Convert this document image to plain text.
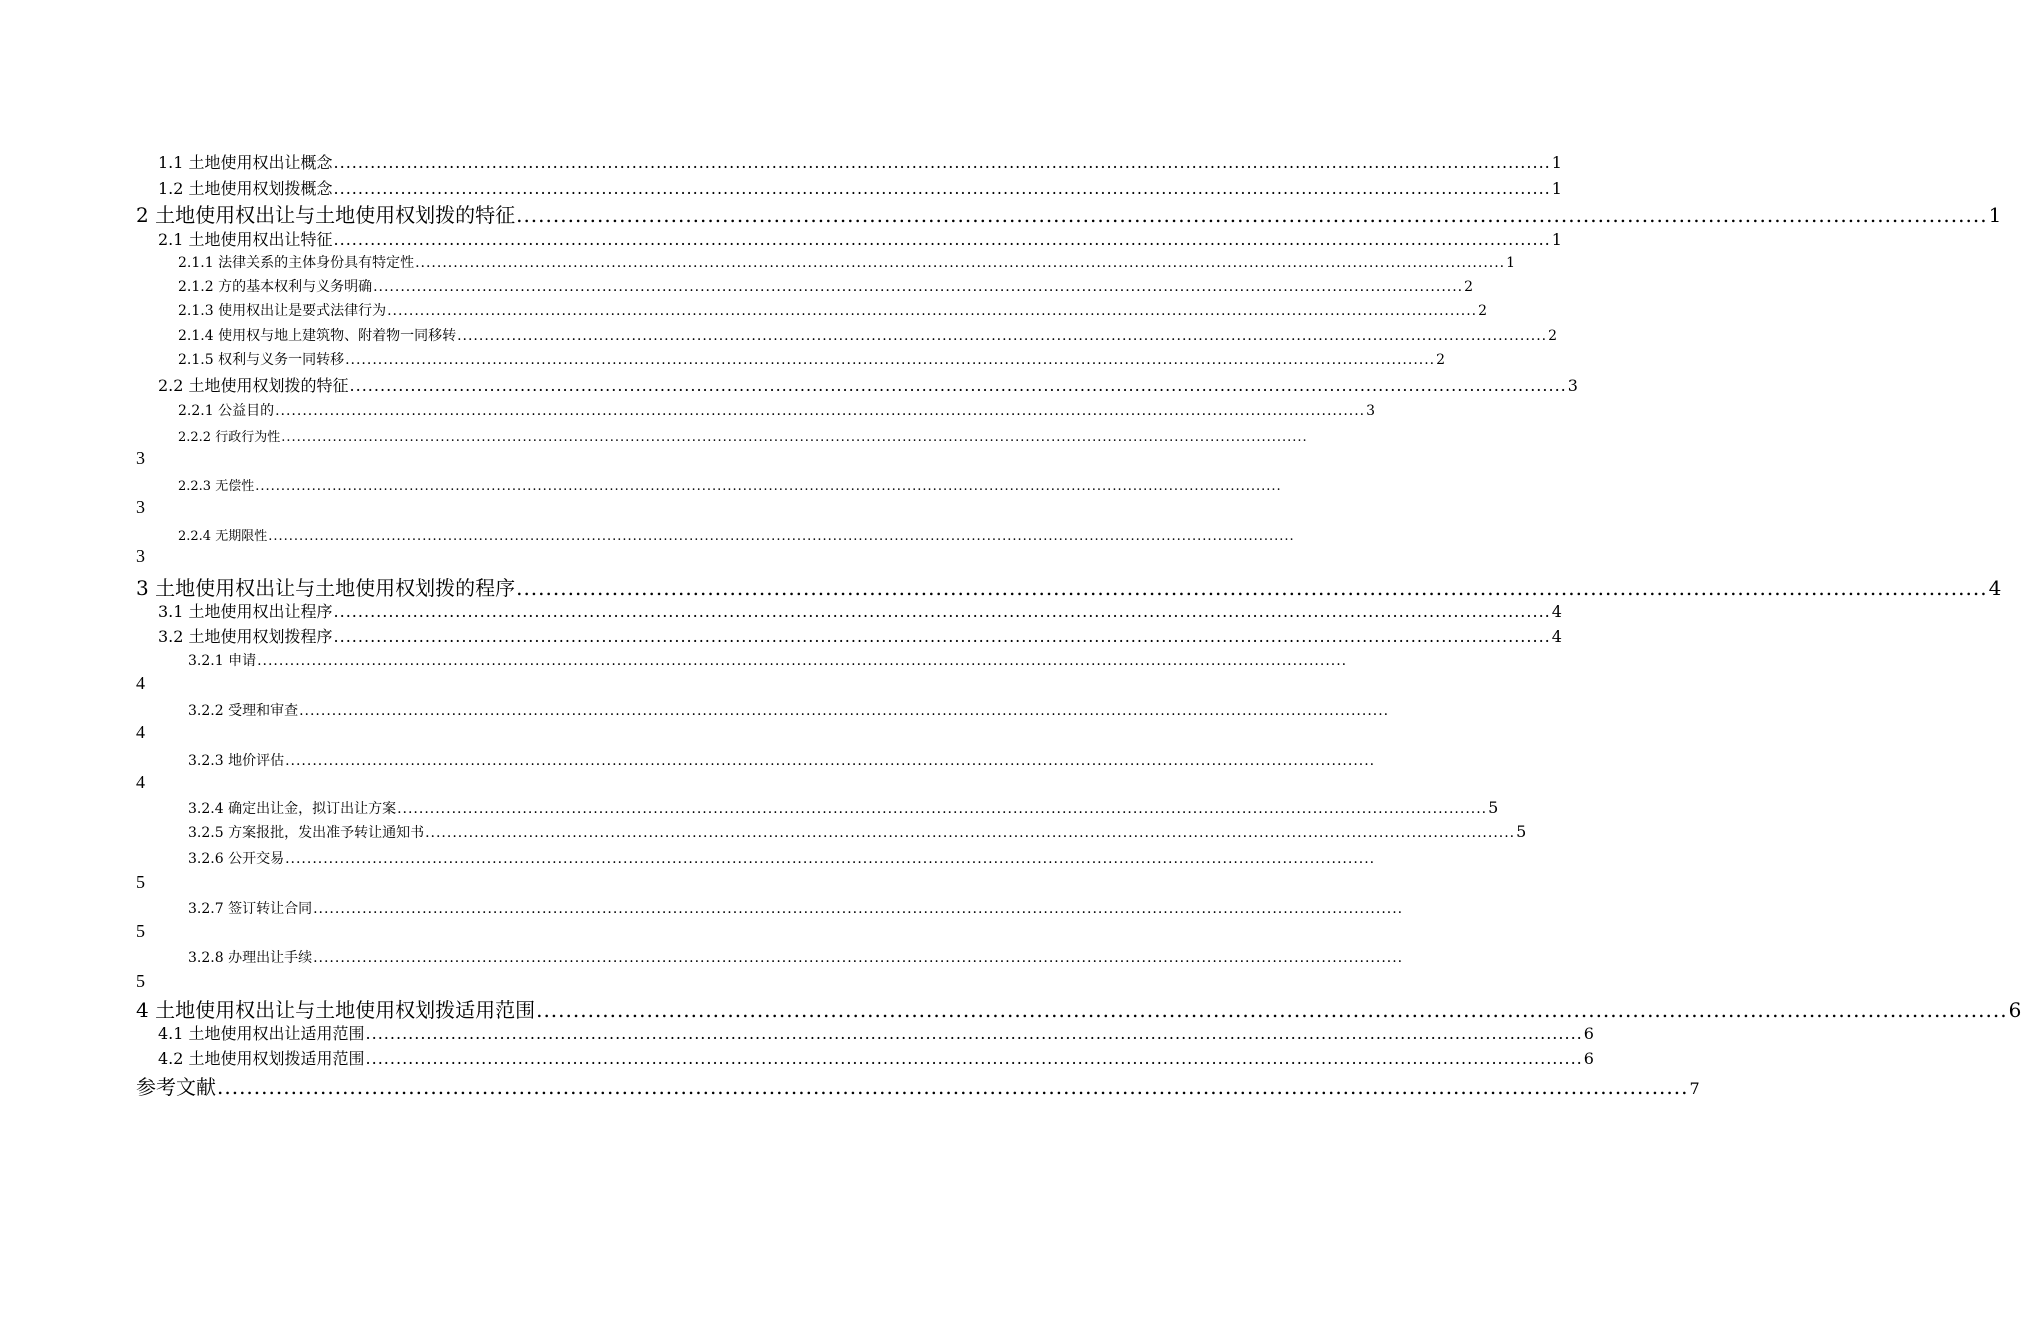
1.1 土地使用权出让概念 ........................................................................................................................................................................................................ 1
1.2 土地使用权划拨概念 ........................................................................................................................................................................................................ 1
2 土地使用权出让与土地使用权划拨的特征 ........................................................................................................................................................................................................ 1
2.1 土地使用权出让特征 ........................................................................................................................................................................................................ 1
2.1.1 法律关系的主体身份具有特定性 ........................................................................................................................................................................................................ 1
2.1.2 方的基本权利与义务明确 ........................................................................................................................................................................................................ 2
2.1.3 使用权出让是要式法律行为 ........................................................................................................................................................................................................ 2
2.1.4 使用权与地上建筑物、附着物一同移转 ........................................................................................................................................................................................................ 2
2.1.5 权利与义务一同转移 ........................................................................................................................................................................................................ 2
2.2 土地使用权划拨的特征 ........................................................................................................................................................................................................ 3
2.2.1 公益目的 ........................................................................................................................................................................................................ 3
2.2.2 行政行为性 ........................................................................................................................................................................................................
3
2.2.3 无偿性 ........................................................................................................................................................................................................
3
2.2.4 无期限性 ........................................................................................................................................................................................................
3
3 土地使用权出让与土地使用权划拨的程序 ........................................................................................................................................................................................................ 4
3.1 土地使用权出让程序 ........................................................................................................................................................................................................ 4
3.2 土地使用权划拨程序 ........................................................................................................................................................................................................ 4
3.2.1 申请 ........................................................................................................................................................................................................
4
3.2.2 受理和审查 ........................................................................................................................................................................................................
4
3.2.3 地价评估 ........................................................................................................................................................................................................
4
3.2.4 确定出让金，拟订出让方案 ........................................................................................................................................................................................................ 5
3.2.5 方案报批，发出准予转让通知书 ........................................................................................................................................................................................................ 5
3.2.6 公开交易 ........................................................................................................................................................................................................
5
3.2.7 签订转让合同 ........................................................................................................................................................................................................
5
3.2.8 办理出让手续 ........................................................................................................................................................................................................
5
4 土地使用权出让与土地使用权划拨适用范围 ........................................................................................................................................................................................................ 6
4.1 土地使用权出让适用范围 ........................................................................................................................................................................................................ 6
4.2 土地使用权划拨适用范围 ........................................................................................................................................................................................................ 6
参考文献 ........................................................................................................................................................................................................ 7
